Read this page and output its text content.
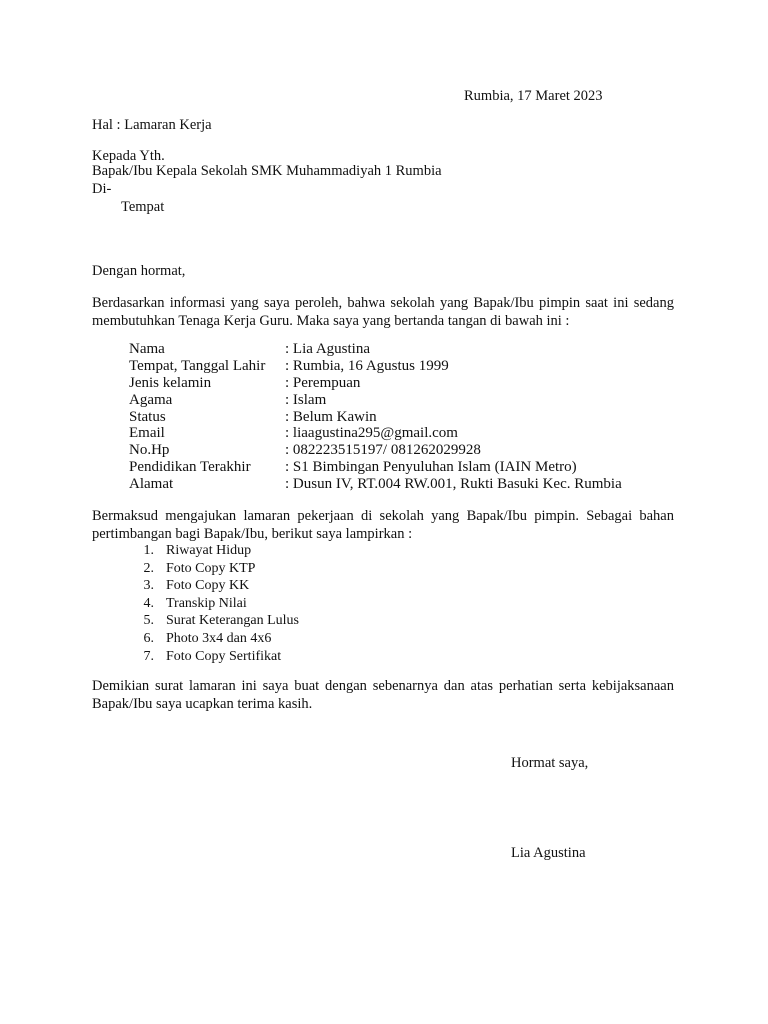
Rumbia, 17 Maret 2023
Hal : Lamaran Kerja
Kepada Yth.
Bapak/Ibu Kepala Sekolah SMK Muhammadiyah 1 Rumbia
Di-
Tempat
Dengan hormat,
Berdasarkan informasi yang saya peroleh, bahwa sekolah yang Bapak/Ibu pimpin saat ini sedang
membutuhkan Tenaga Kerja Guru. Maka saya yang bertanda tangan di bawah ini :
Nama	: Lia Agustina
Tempat, Tanggal Lahir : Rumbia, 16 Agustus 1999
Jenis kelamin	: Perempuan
Agama	: Islam
Status	: Belum Kawin
Email	: liaagustina295@gmail.com
No.Hp	: 082223515197/ 081262029928
Pendidikan Terakhir : S1 Bimbingan Penyuluhan Islam (IAIN Metro)
Alamat	: Dusun IV, RT.004 RW.001, Rukti Basuki Kec. Rumbia
Bermaksud mengajukan lamaran pekerjaan di sekolah yang Bapak/Ibu pimpin. Sebagai bahan
pertimbangan bagi Bapak/Ibu, berikut saya lampirkan :
1. Riwayat Hidup
2. Foto Copy KTP
3. Foto Copy KK
4. Transkip Nilai
5. Surat Keterangan Lulus
6. Photo 3x4 dan 4x6
7. Foto Copy Sertifikat
Demikian surat lamaran ini saya buat dengan sebenarnya dan atas perhatian serta kebijaksanaan
Bapak/Ibu saya ucapkan terima kasih.
Hormat saya,
Lia Agustina
